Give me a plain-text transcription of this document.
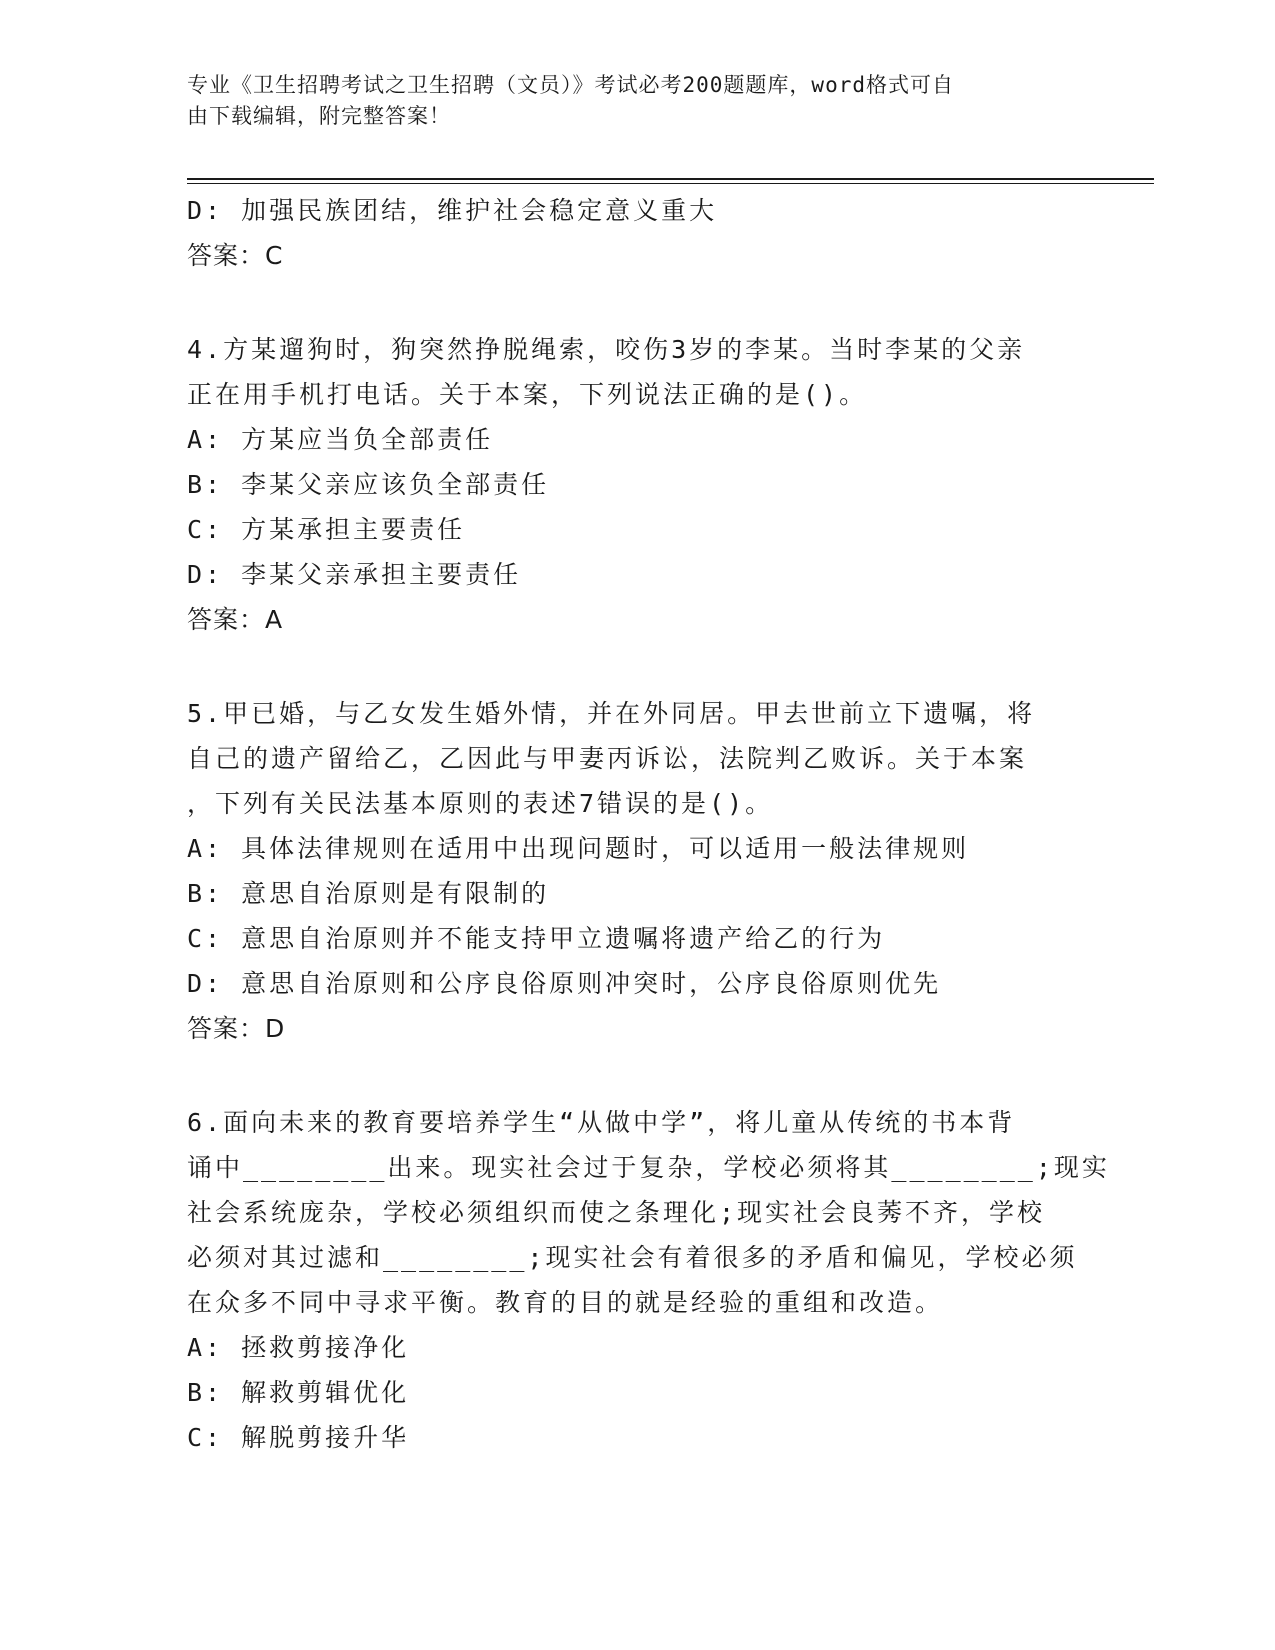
专业《卫生招聘考试之卫生招聘（文员）》考试必考200题题库，word格式可自
由下载编辑，附完整答案！
D: 加强民族团结，维护社会稳定意义重大
答案：C
4.方某遛狗时，狗突然挣脱绳索，咬伤3岁的李某。当时李某的父亲
正在用手机打电话。关于本案，下列说法正确的是()。
A: 方某应当负全部责任
B: 李某父亲应该负全部责任
C: 方某承担主要责任
D: 李某父亲承担主要责任
答案：A
5.甲已婚，与乙女发生婚外情，并在外同居。甲去世前立下遗嘱，将
自己的遗产留给乙，乙因此与甲妻丙诉讼，法院判乙败诉。关于本案
，下列有关民法基本原则的表述7错误的是()。
A: 具体法律规则在适用中出现问题时，可以适用一般法律规则
B: 意思自治原则是有限制的
C: 意思自治原则并不能支持甲立遗嘱将遗产给乙的行为
D: 意思自治原则和公序良俗原则冲突时，公序良俗原则优先
答案：D
6.面向未来的教育要培养学生“从做中学”，将儿童从传统的书本背
诵中________出来。现实社会过于复杂，学校必须将其________;现实
社会系统庞杂，学校必须组织而使之条理化;现实社会良莠不齐，学校
必须对其过滤和________;现实社会有着很多的矛盾和偏见，学校必须
在众多不同中寻求平衡。教育的目的就是经验的重组和改造。
A: 拯救剪接净化
B: 解救剪辑优化
C: 解脱剪接升华
